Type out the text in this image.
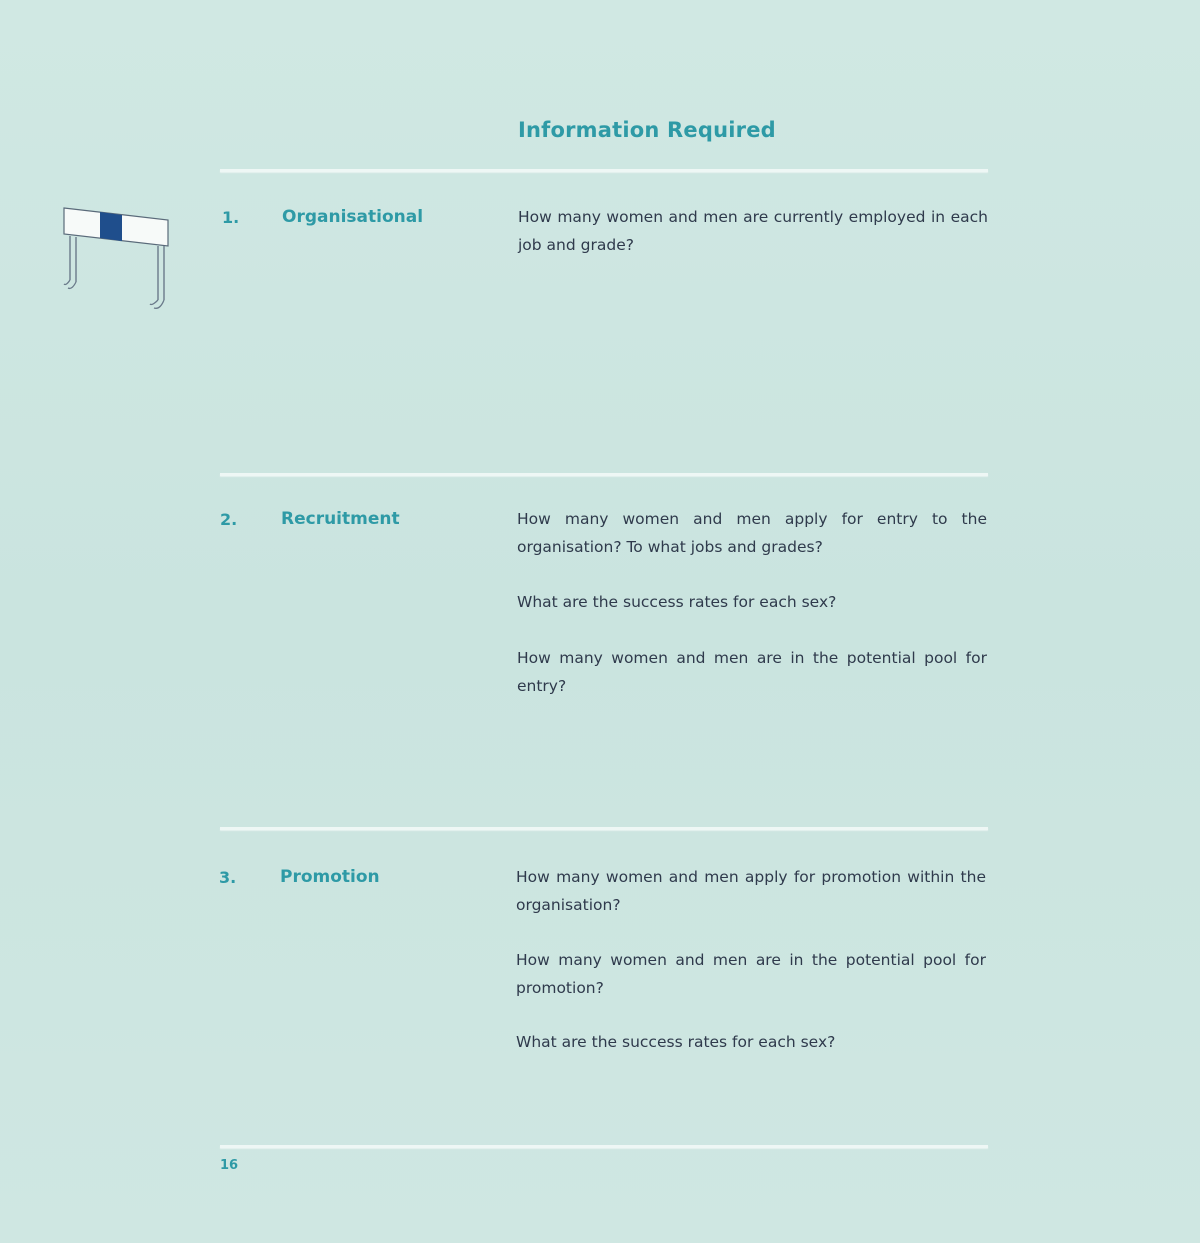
Information Required
1.	Organisational	How many women and men are currently employed in each job and grade?
2.	Recruitment	How many women and men apply for entry to the organisation? To what jobs and grades?
What are the success rates for each sex?
How many women and men are in the potential pool for entry?
3.	Promotion	How many women and men apply for promotion within the organisation?
How many women and men are in the potential pool for promotion?
What are the success rates for each sex?
16
